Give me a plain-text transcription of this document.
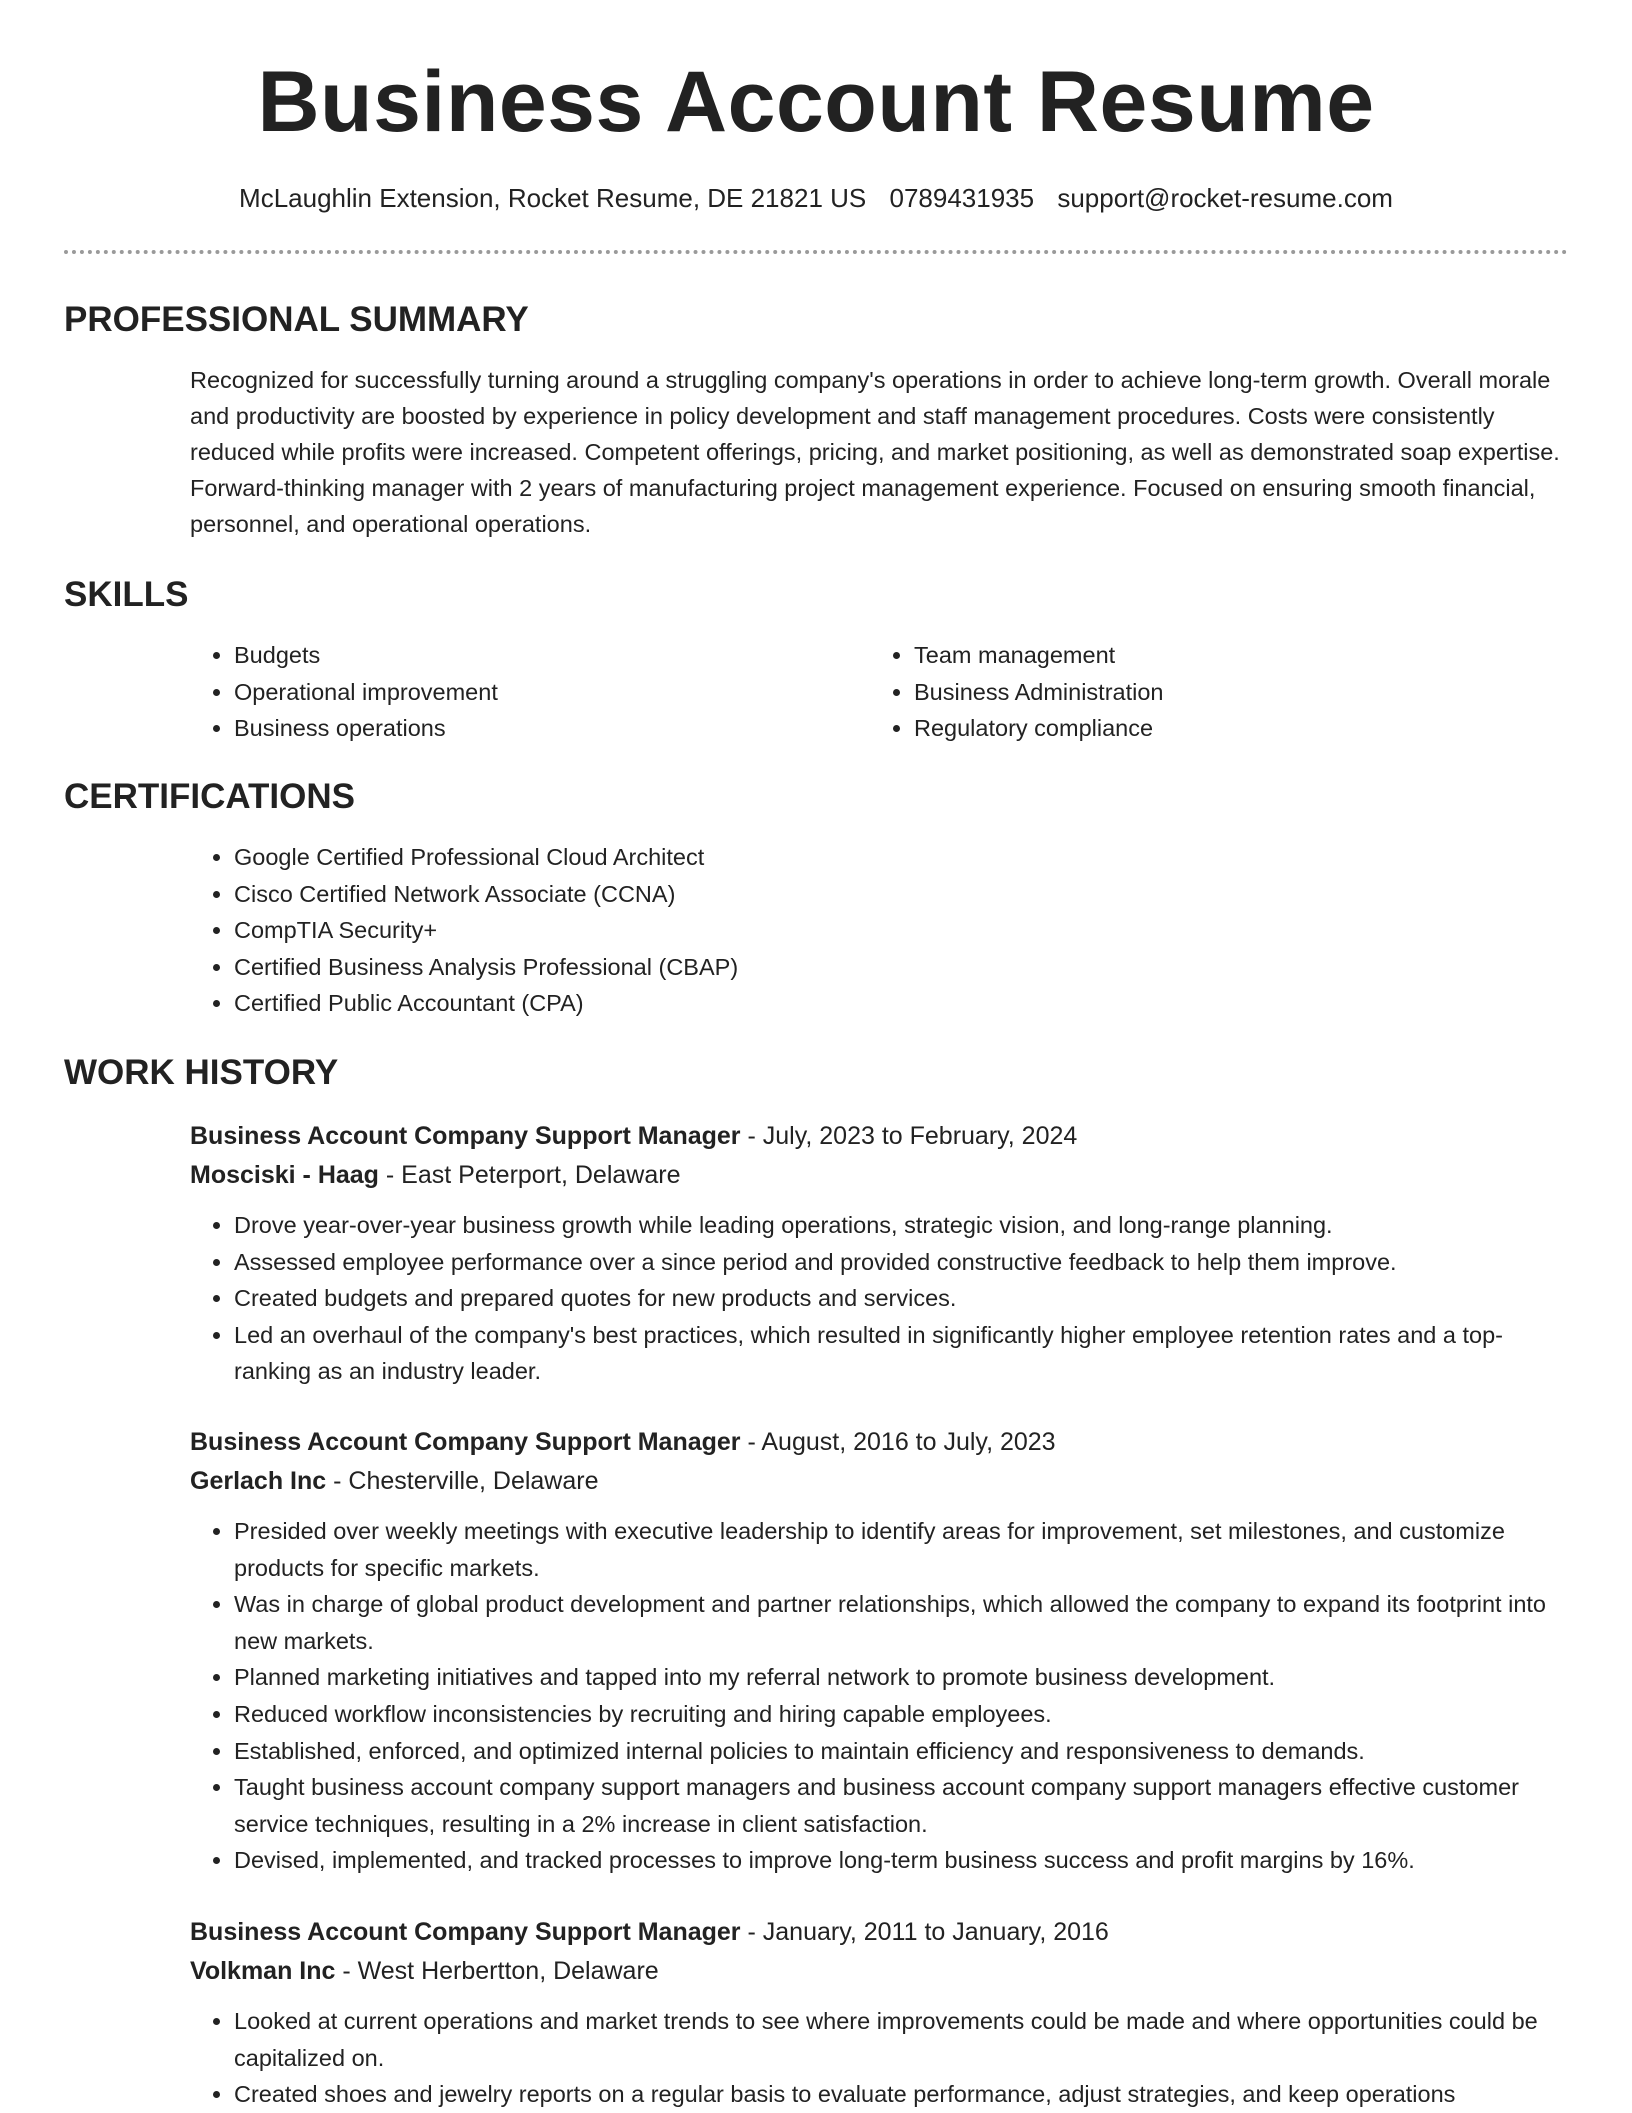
Business Account Resume
McLaughlin Extension, Rocket Resume, DE 21821 US 0789431935 support@rocket-resume.com
PROFESSIONAL SUMMARY
Recognized for successfully turning around a struggling company's operations in order to achieve long-term growth. Overall morale and productivity are boosted by experience in policy development and staff management procedures. Costs were consistently reduced while profits were increased. Competent offerings, pricing, and market positioning, as well as demonstrated soap expertise. Forward-thinking manager with 2 years of manufacturing project management experience. Focused on ensuring smooth financial, personnel, and operational operations.
SKILLS
• Budgets
• Operational improvement
• Business operations
• Team management
• Business Administration
• Regulatory compliance
CERTIFICATIONS
• Google Certified Professional Cloud Architect
• Cisco Certified Network Associate (CCNA)
• CompTIA Security+
• Certified Business Analysis Professional (CBAP)
• Certified Public Accountant (CPA)
WORK HISTORY
Business Account Company Support Manager - July, 2023 to February, 2024
Mosciski - Haag - East Peterport, Delaware
• Drove year-over-year business growth while leading operations, strategic vision, and long-range planning.
• Assessed employee performance over a since period and provided constructive feedback to help them improve.
• Created budgets and prepared quotes for new products and services.
• Led an overhaul of the company's best practices, which resulted in significantly higher employee retention rates and a top-ranking as an industry leader.
Business Account Company Support Manager - August, 2016 to July, 2023
Gerlach Inc - Chesterville, Delaware
• Presided over weekly meetings with executive leadership to identify areas for improvement, set milestones, and customize products for specific markets.
• Was in charge of global product development and partner relationships, which allowed the company to expand its footprint into new markets.
• Planned marketing initiatives and tapped into my referral network to promote business development.
• Reduced workflow inconsistencies by recruiting and hiring capable employees.
• Established, enforced, and optimized internal policies to maintain efficiency and responsiveness to demands.
• Taught business account company support managers and business account company support managers effective customer service techniques, resulting in a 2% increase in client satisfaction.
• Devised, implemented, and tracked processes to improve long-term business success and profit margins by 16%.
Business Account Company Support Manager - January, 2011 to January, 2016
Volkman Inc - West Herbertton, Delaware
• Looked at current operations and market trends to see where improvements could be made and where opportunities could be capitalized on.
• Created shoes and jewelry reports on a regular basis to evaluate performance, adjust strategies, and keep operations
